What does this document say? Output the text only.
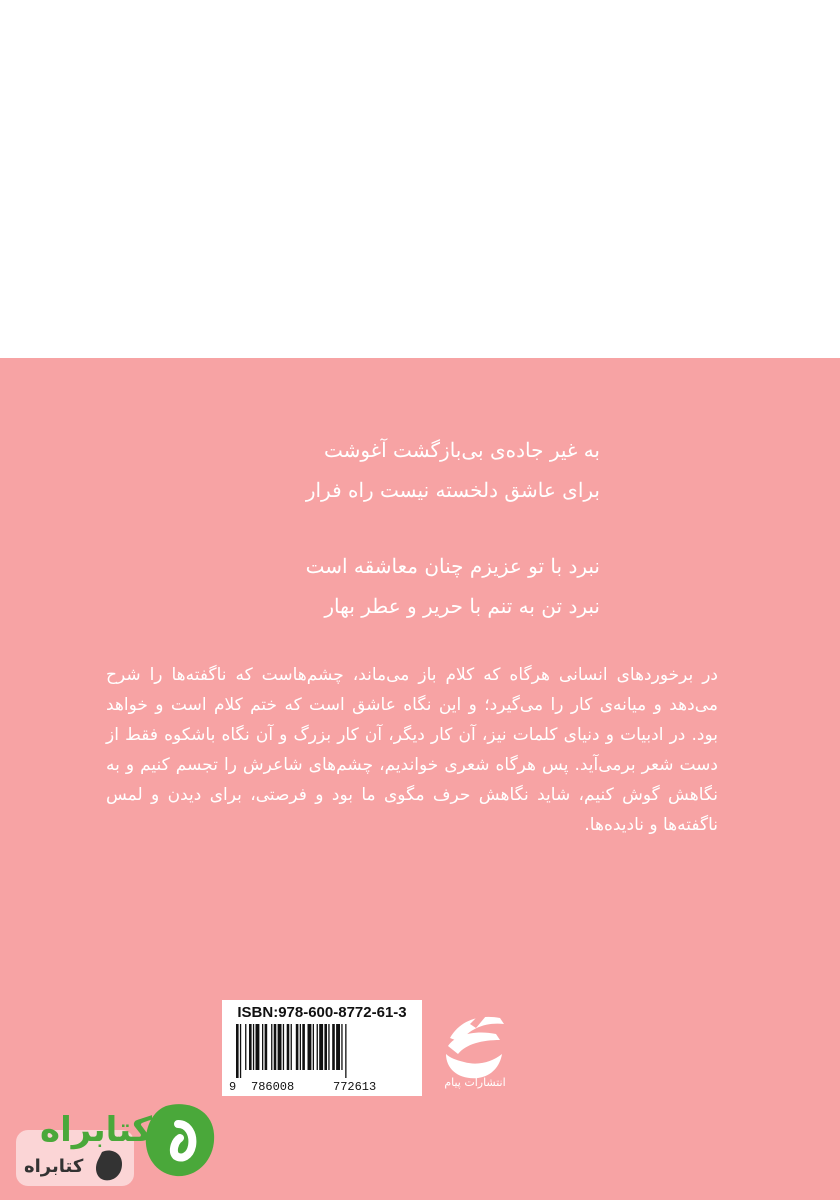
به غیر جاده‌ی بی‌بازگشت آغوشت
برای عاشق دلخسته نیست راه فرار
نبرد با تو عزیزم چنان معاشقه است
نبرد تن به تنم با حریر و عطر بهار
در برخوردهای انسانی هرگاه که کلام باز می‌ماند، چشم‌هاست که ناگفته‌ها را شرح می‌دهد و میانه‌ی کار را می‌گیرد؛ و این نگاه عاشق است که ختم کلام است و خواهد بود. در ادبیات و دنیای کلمات نیز، آن کار دیگر، آن کار بزرگ و آن نگاه باشکوه فقط از دست شعر برمی‌آید. پس هرگاه شعری خواندیم، چشم‌های شاعرش را تجسم کنیم و به نگاهش گوش کنیم، شاید نگاهش حرف مگوی ما بود و فرصتی، برای دیدن و لمس ناگفته‌ها و نادیده‌ها.
ISBN:978-600-8772-61-3
9 786008	772613	انتشارات پیام
کتابراه
کتابراه
